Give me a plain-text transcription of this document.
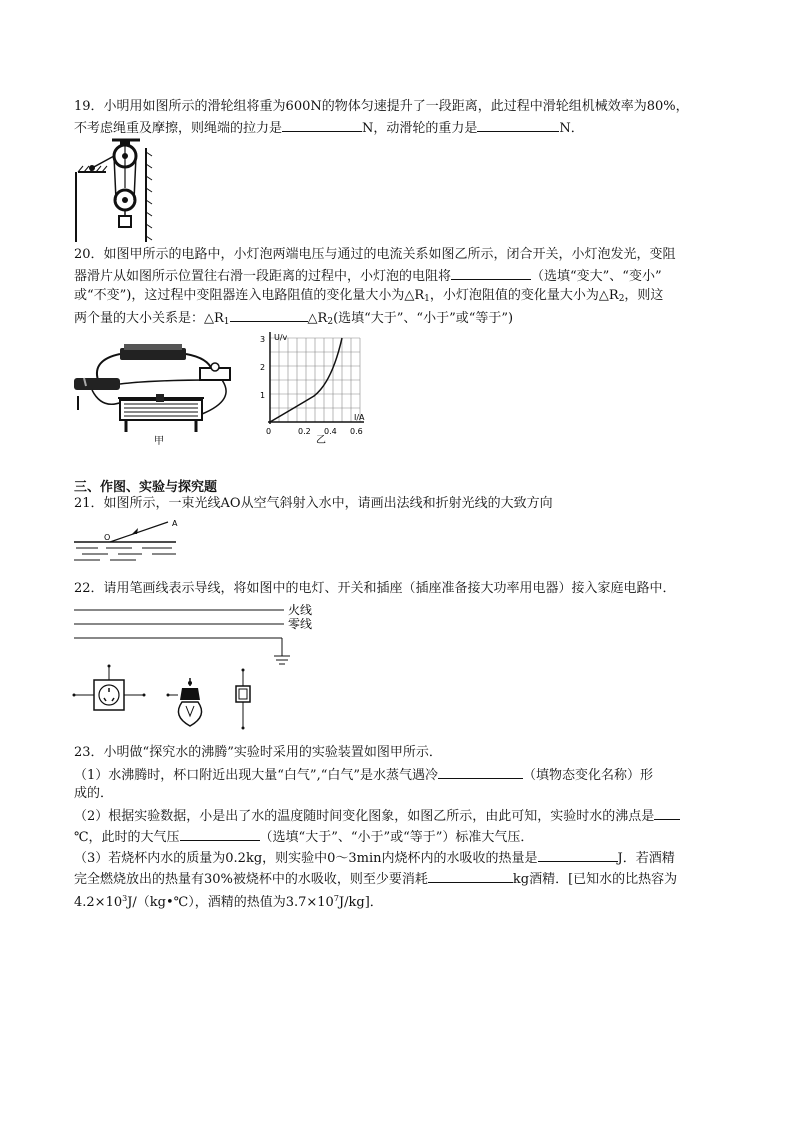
19．小明用如图所示的滑轮组将重为600N的物体匀速提升了一段距离，此过程中滑轮组机械效率为80%，
不考虑绳重及摩擦，则绳端的拉力是	N，动滑轮的重力是	N．
20．如图甲所示的电路中，小灯泡两端电压与通过的电流关系如图乙所示，闭合开关，小灯泡发光，变阻
器滑片从如图所示位置往右滑一段距离的过程中，小灯泡的电阻将	（选填“变大”、“变小”
或“不变”)，这过程中变阻器连入电路阻值的变化量大小为$\triangle R_1$，小灯泡阻值的变化量大小为$\triangle R_2$，则这
两个量的大小关系是：$\triangle R_1$	$\triangle R_2$(选填“大于”、“小于”或“等于”)
甲
U/v
I/A
3
2
1
0	0.2 0.4 0.6
乙
三、作图、实验与探究题
21．如图所示，一束光线AO从空气斜射入水中，请画出法线和折射光线的大致方向
A
O
22．请用笔画线表示导线，将如图中的电灯、开关和插座（插座准备接大功率用电器）接入家庭电路中．
火线
零线
23．小明做“探究水的沸腾”实验时采用的实验装置如图甲所示．
（1）水沸腾时，杯口附近出现大量“白气”,“白气”是水蒸气遇冷	（填物态变化名称）形
成的．
（2）根据实验数据，小是出了水的温度随时间变化图象，如图乙所示，由此可知，实验时水的沸点是
℃，此时的大气压	（选填“大于”、“小于”或“等于”）标准大气压．
（3）若烧杯内水的质量为0.2kg，则实验中0～3min内烧杯内的水吸收的热量是	J．若酒精
完全燃烧放出的热量有30%被烧杯中的水吸收，则至少要消耗	kg酒精．[已知水的比热容为
$4.2\times 10^3J/(kg•℃)$，酒精的热值为$3.7\times 10^7J/kg$]．
